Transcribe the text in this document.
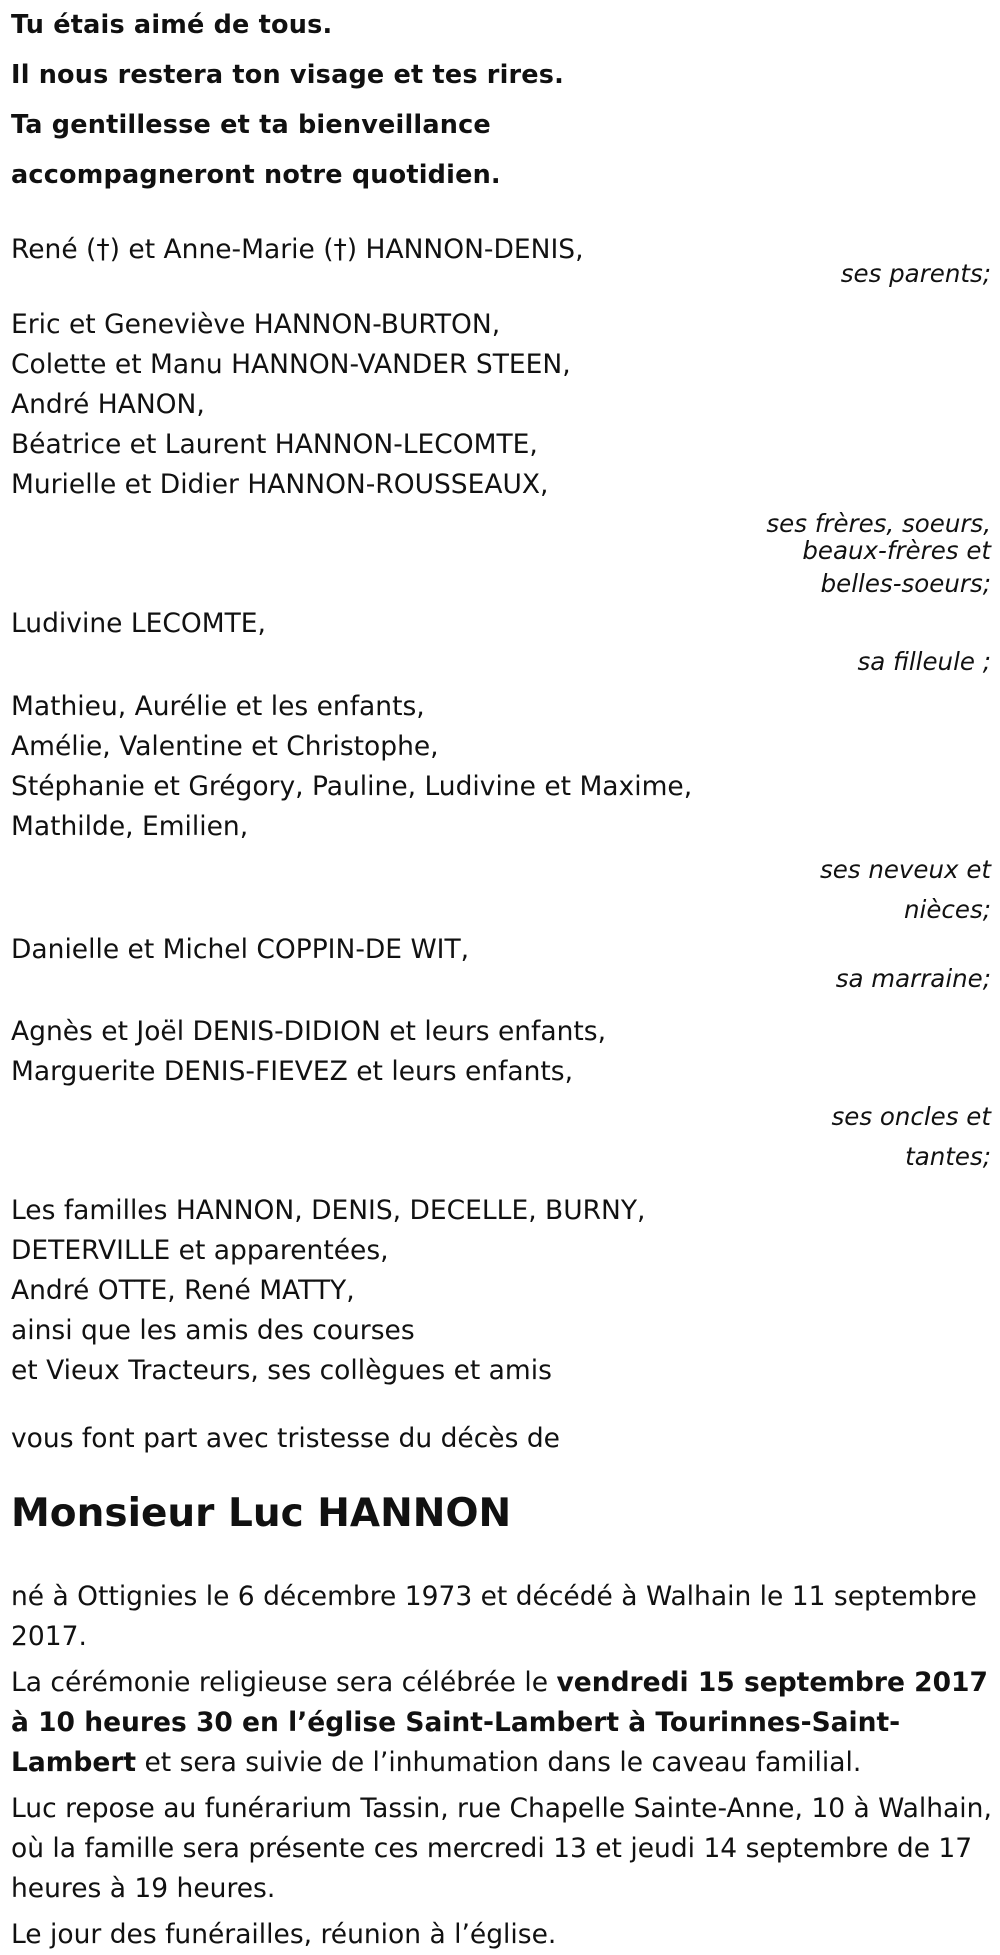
Tu étais aimé de tous.

Il nous restera ton visage et tes rires.

Ta gentillesse et ta bienveillance

accompagneront notre quotidien.

René (†) et Anne-Marie (†) HANNON-DENIS,
ses parents;
Eric et Geneviève HANNON-BURTON,
Colette et Manu HANNON-VANDER STEEN,
André HANON,
Béatrice et Laurent HANNON-LECOMTE,
Murielle et Didier HANNON-ROUSSEAUX,
ses frères, soeurs,
beaux-frères et
belles-soeurs;
Ludivine LECOMTE,
sa filleule ;
Mathieu, Aurélie et les enfants,
Amélie, Valentine et Christophe,
Stéphanie et Grégory, Pauline, Ludivine et Maxime,
Mathilde, Emilien,
ses neveux et
nièces;
Danielle et Michel COPPIN-DE WIT,
sa marraine;
Agnès et Joël DENIS-DIDION et leurs enfants,
Marguerite DENIS-FIEVEZ et leurs enfants,
ses oncles et
tantes;
Les familles HANNON, DENIS, DECELLE, BURNY,
DETERVILLE et apparentées,
André OTTE, René MATTY,
ainsi que les amis des courses
et Vieux Tracteurs, ses collègues et amis

vous font part avec tristesse du décès de

Monsieur Luc HANNON

né à Ottignies le 6 décembre 1973 et décédé à Walhain le 11 septembre 2017.

La cérémonie religieuse sera célébrée le vendredi 15 septembre 2017 à 10 heures 30 en l’église Saint-Lambert à Tourinnes-Saint-Lambert et sera suivie de l’inhumation dans le caveau familial.

Luc repose au funérarium Tassin, rue Chapelle Sainte-Anne, 10 à Walhain, où la famille sera présente ces mercredi 13 et jeudi 14 septembre de 17 heures à 19 heures.

Le jour des funérailles, réunion à l’église.
